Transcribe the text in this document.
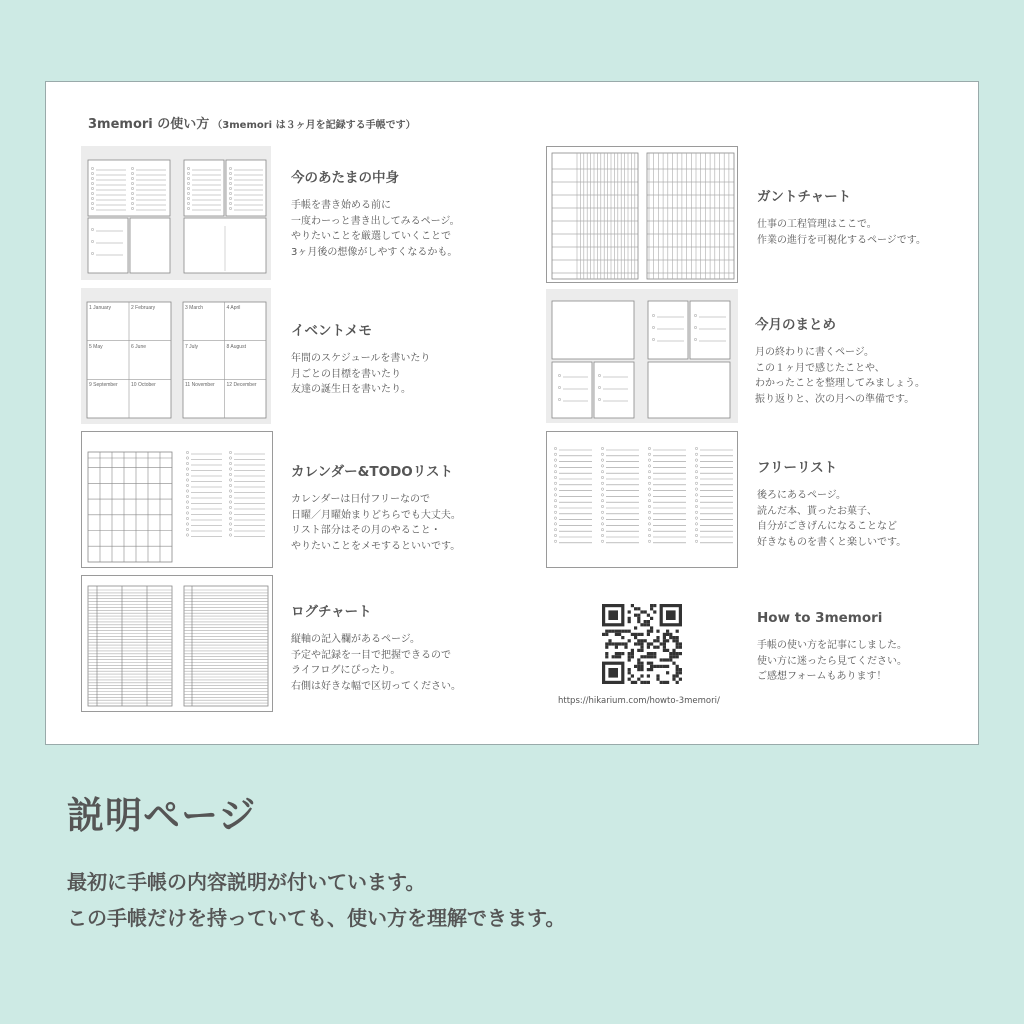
3memori の使い方 （3memori は３ヶ月を記録する手帳です）
1 January	2 February	3 March	4 April
5 May	6 June	7 July	8 August
9 September	10 October	11 November 12 December
今のあたまの中身

手帳を書き始める前に

一度わーっと書き出してみるページ。

やりたいことを厳選していくことで

3ヶ月後の想像がしやすくなるかも。

イベントメモ

年間のスケジュールを書いたり

月ごとの目標を書いたり

友達の誕生日を書いたり。

カレンダー&TODOリスト

カレンダーは日付フリーなので

日曜／月曜始まりどちらでも大丈夫。

リスト部分はその月のやること・

やりたいことをメモするといいです。

ログチャート

縦軸の記入欄があるページ。

予定や記録を一目で把握できるので

ライフログにぴったり。

右側は好きな幅で区切ってください。

ガントチャート

仕事の工程管理はここで。

作業の進行を可視化するページです。

今月のまとめ

月の終わりに書くページ。

この１ヶ月で感じたことや、

わかったことを整理してみましょう。

振り返りと、次の月への準備です。

フリーリスト

後ろにあるページ。

読んだ本、貰ったお菓子、

自分がごきげんになることなど

好きなものを書くと楽しいです。

How to 3memori

手帳の使い方を記事にしました。

使い方に迷ったら見てください。

ご感想フォームもあります！

https://hikarium.com/howto-3memori/
説明ページ

最初に手帳の内容説明が付いています。

この手帳だけを持っていても、使い方を理解できます。
